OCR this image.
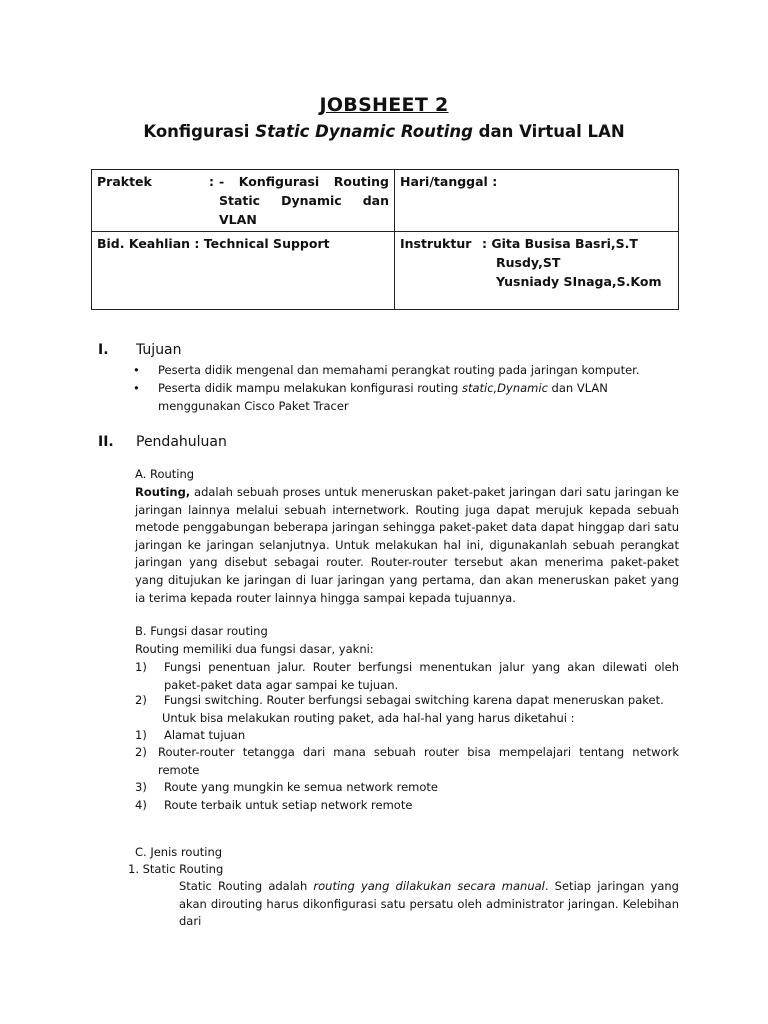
JOBSHEET 2
Konfigurasi Static Dynamic Routing dan Virtual LAN
Praktek : - Konfigurasi Routing Static Dynamic dan VLAN	Hari/tanggal :

Bid. Keahlian : Technical Support	Instruktur : Gita Busisa Basri,S.T
Rusdy,ST
Yusniady SInaga,S.Kom
I. Tujuan
• Peserta didik mengenal dan memahami perangkat routing pada jaringan komputer.
• Peserta didik mampu melakukan konfigurasi routing static,Dynamic dan VLAN menggunakan Cisco Paket Tracer
II. Pendahuluan
A. Routing
Routing, adalah sebuah proses untuk meneruskan paket-paket jaringan dari satu jaringan ke jaringan lainnya melalui sebuah internetwork. Routing juga dapat merujuk kepada sebuah metode penggabungan beberapa jaringan sehingga paket-paket data dapat hinggap dari satu jaringan ke jaringan selanjutnya. Untuk melakukan hal ini, digunakanlah sebuah perangkat jaringan yang disebut sebagai router. Router-router tersebut akan menerima paket-paket yang ditujukan ke jaringan di luar jaringan yang pertama, dan akan meneruskan paket yang ia terima kepada router lainnya hingga sampai kepada tujuannya.
B. Fungsi dasar routing
Routing memiliki dua fungsi dasar, yakni:
1) Fungsi penentuan jalur. Router berfungsi menentukan jalur yang akan dilewati oleh paket-paket data agar sampai ke tujuan.
2) Fungsi switching. Router berfungsi sebagai switching karena dapat meneruskan paket.
Untuk bisa melakukan routing paket, ada hal-hal yang harus diketahui :
1) Alamat tujuan
2) Router-router tetangga dari mana sebuah router bisa mempelajari tentang network remote
3) Route yang mungkin ke semua network remote
4) Route terbaik untuk setiap network remote
C. Jenis routing
1. Static Routing
Static Routing adalah routing yang dilakukan secara manual. Setiap jaringan yang akan dirouting harus dikonfigurasi satu persatu oleh administrator jaringan. Kelebihan dari
